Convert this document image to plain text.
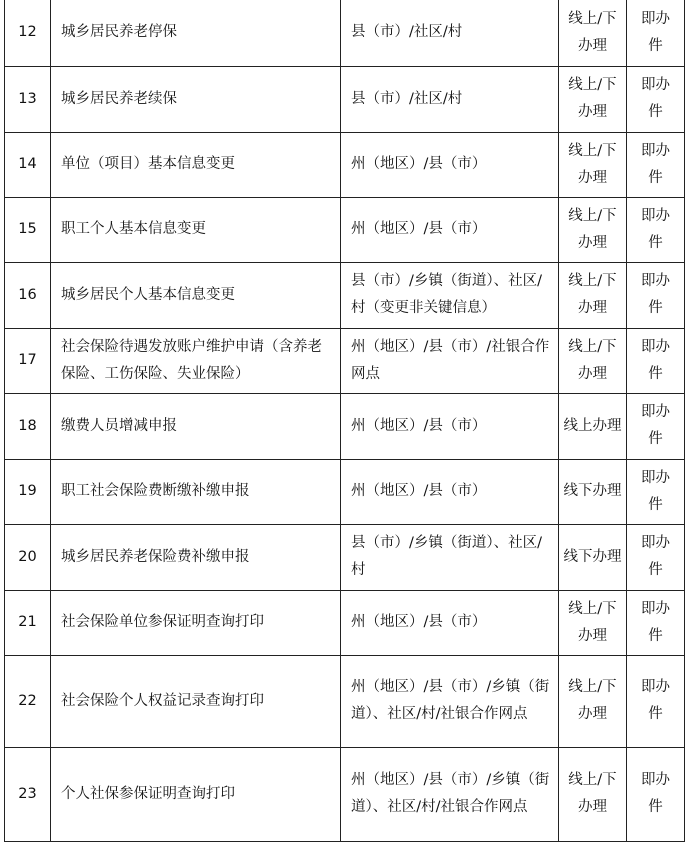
12	城乡居民养老停保	县（市）/社区/村	线上/下办理	即办件
13	城乡居民养老续保	县（市）/社区/村	线上/下办理	即办件
14	单位（项目）基本信息变更	州（地区）/县（市）	线上/下办理	即办件
15	职工个人基本信息变更	州（地区）/县（市）	线上/下办理	即办件
16	城乡居民个人基本信息变更	县（市）/乡镇（街道）、社区/村（变更非关键信息）	线上/下办理	即办件
17	社会保险待遇发放账户维护申请（含养老保险、工伤保险、失业保险）	州（地区）/县（市）/社银合作网点	线上/下办理	即办件
18	缴费人员增减申报	州（地区）/县（市）	线上办理	即办件
19	职工社会保险费断缴补缴申报	州（地区）/县（市）	线下办理	即办件
20	城乡居民养老保险费补缴申报	县（市）/乡镇（街道）、社区/村	线下办理	即办件
21	社会保险单位参保证明查询打印	州（地区）/县（市）	线上/下办理	即办件
22	社会保险个人权益记录查询打印	州（地区）/县（市）/乡镇（街道）、社区/村/社银合作网点	线上/下办理	即办件
23	个人社保参保证明查询打印	州（地区）/县（市）/乡镇（街道）、社区/村/社银合作网点	线上/下办理	即办件
